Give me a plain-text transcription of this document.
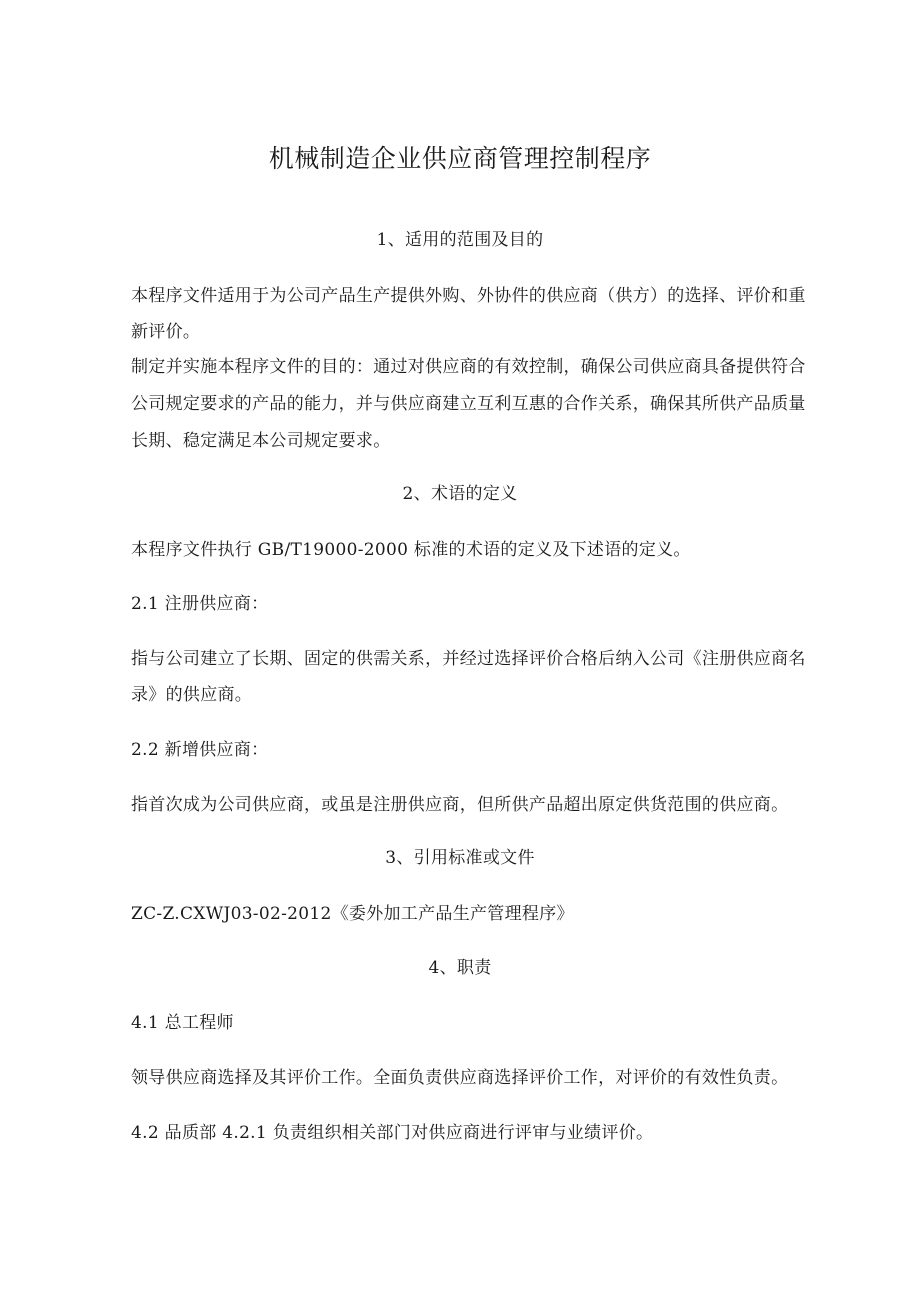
机械制造企业供应商管理控制程序
1、适用的范围及目的
本程序文件适用于为公司产品生产提供外购、外协件的供应商（供方）的选择、评价和重
新评价。
制定并实施本程序文件的目的：通过对供应商的有效控制，确保公司供应商具备提供符合
公司规定要求的产品的能力，并与供应商建立互利互惠的合作关系，确保其所供产品质量
长期、稳定满足本公司规定要求。
2、术语的定义
本程序文件执行 GB/T19000-2000 标准的术语的定义及下述语的定义。
2.1 注册供应商：
指与公司建立了长期、固定的供需关系，并经过选择评价合格后纳入公司《注册供应商名
录》的供应商。
2.2 新增供应商：
指首次成为公司供应商，或虽是注册供应商，但所供产品超出原定供货范围的供应商。
3、引用标准或文件
ZC-Z.CXWJ03-02-2012《委外加工产品生产管理程序》
4、职责
4.1 总工程师
领导供应商选择及其评价工作。全面负责供应商选择评价工作，对评价的有效性负责。
4.2 品质部 4.2.1 负责组织相关部门对供应商进行评审与业绩评价。
